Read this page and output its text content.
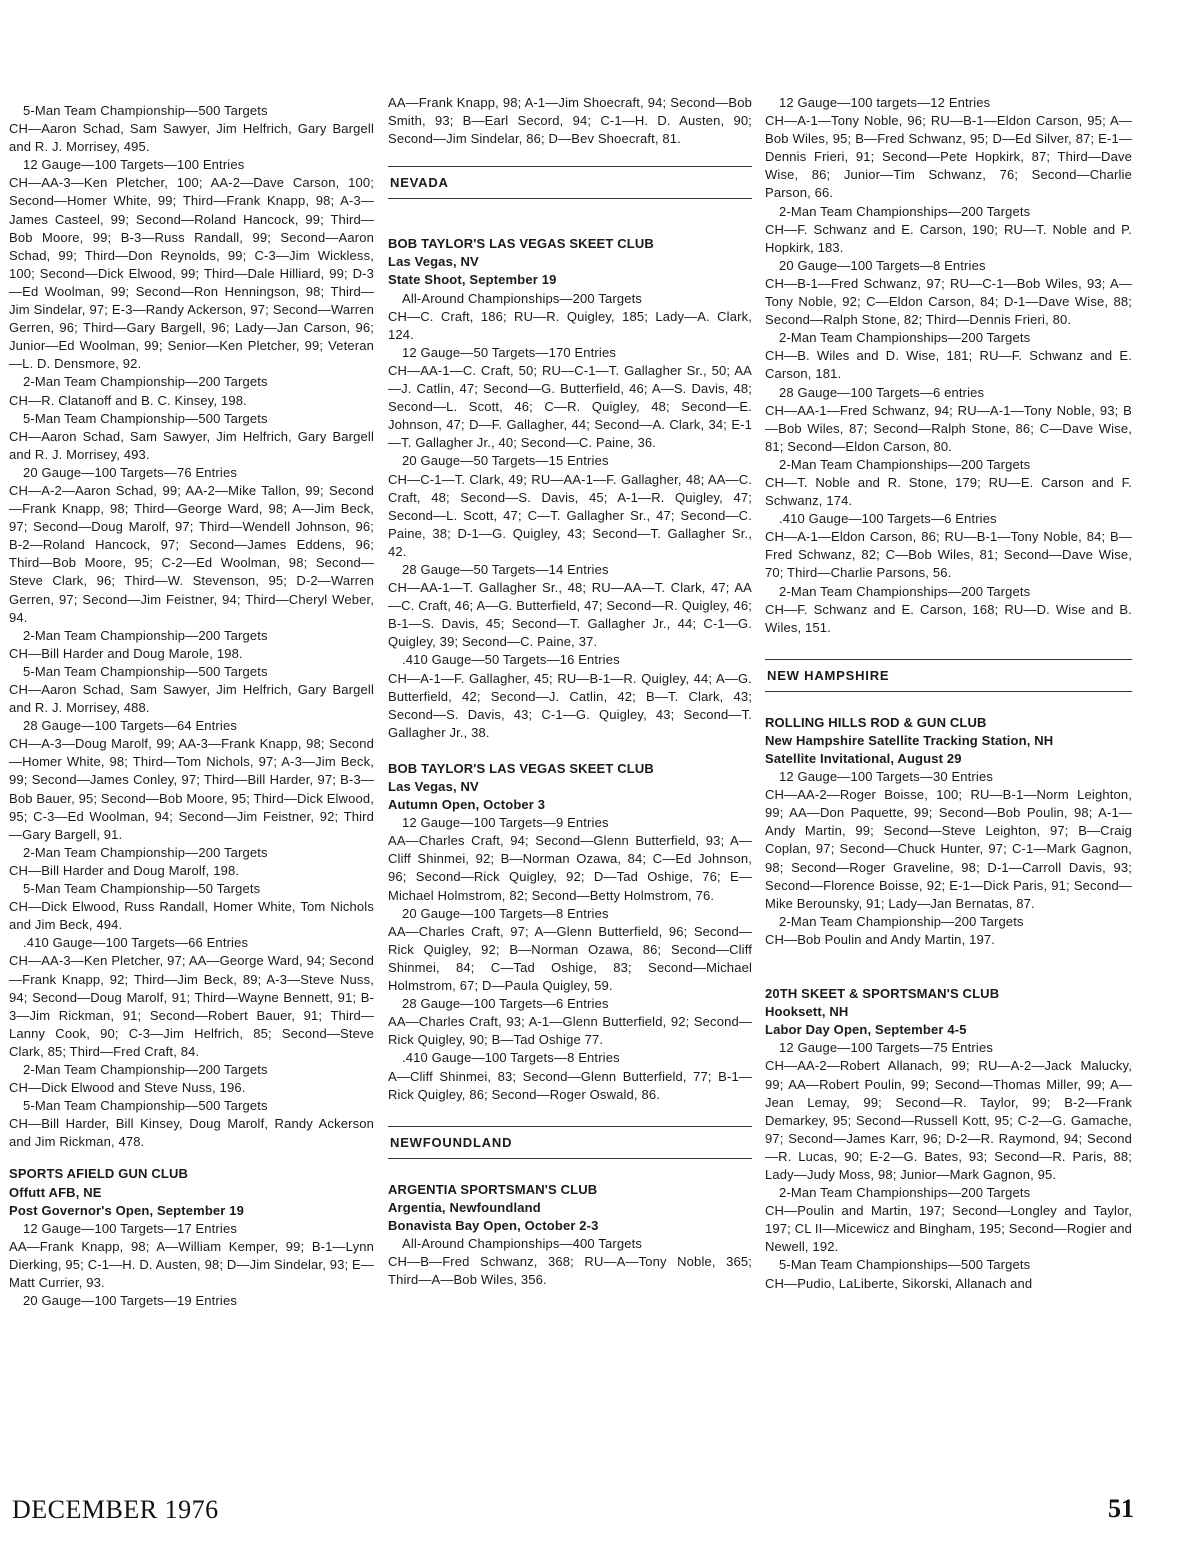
5-Man Team Championship—500 Targets

CH—Aaron Schad, Sam Sawyer, Jim Helfrich, Gary Bargell and R. J. Morrisey, 495.

12 Gauge—100 Targets—100 Entries

CH—AA-3—Ken Pletcher, 100; AA-2—Dave Carson, 100; Second—Homer White, 99; Third—Frank Knapp, 98; A-3—James Casteel, 99; Second—Roland Hancock, 99; Third—Bob Moore, 99; B-3—Russ Randall, 99; Second—Aaron Schad, 99; Third—Don Reynolds, 99; C-3—Jim Wickless, 100; Second—Dick Elwood, 99; Third—Dale Hilliard, 99; D-3—Ed Woolman, 99; Second—Ron Henningson, 98; Third—Jim Sindelar, 97; E-3—Randy Ackerson, 97; Second—Warren Gerren, 96; Third—Gary Bargell, 96; Lady—Jan Carson, 96; Junior—Ed Woolman, 99; Senior—Ken Pletcher, 99; Veteran—L. D. Densmore, 92.

2-Man Team Championship—200 Targets

CH—R. Clatanoff and B. C. Kinsey, 198.

5-Man Team Championship—500 Targets

CH—Aaron Schad, Sam Sawyer, Jim Helfrich, Gary Bargell and R. J. Morrisey, 493.

20 Gauge—100 Targets—76 Entries

CH—A-2—Aaron Schad, 99; AA-2—Mike Tallon, 99; Second—Frank Knapp, 98; Third—George Ward, 98; A—Jim Beck, 97; Second—Doug Marolf, 97; Third—Wendell Johnson, 96; B-2—Roland Hancock, 97; Second—James Eddens, 96; Third—Bob Moore, 95; C-2—Ed Woolman, 98; Second—Steve Clark, 96; Third—W. Stevenson, 95; D-2—Warren Gerren, 97; Second—Jim Feistner, 94; Third—Cheryl Weber, 94.

2-Man Team Championship—200 Targets

CH—Bill Harder and Doug Marole, 198.

5-Man Team Championship—500 Targets

CH—Aaron Schad, Sam Sawyer, Jim Helfrich, Gary Bargell and R. J. Morrisey, 488.

28 Gauge—100 Targets—64 Entries

CH—A-3—Doug Marolf, 99; AA-3—Frank Knapp, 98; Second—Homer White, 98; Third—Tom Nichols, 97; A-3—Jim Beck, 99; Second—James Conley, 97; Third—Bill Harder, 97; B-3—Bob Bauer, 95; Second—Bob Moore, 95; Third—Dick Elwood, 95; C-3—Ed Woolman, 94; Second—Jim Feistner, 92; Third—Gary Bargell, 91.

2-Man Team Championship—200 Targets

CH—Bill Harder and Doug Marolf, 198.

5-Man Team Championship—50 Targets

CH—Dick Elwood, Russ Randall, Homer White, Tom Nichols and Jim Beck, 494.

.410 Gauge—100 Targets—66 Entries

CH—AA-3—Ken Pletcher, 97; AA—George Ward, 94; Second—Frank Knapp, 92; Third—Jim Beck, 89; A-3—Steve Nuss, 94; Second—Doug Marolf, 91; Third—Wayne Bennett, 91; B-3—Jim Rickman, 91; Second—Robert Bauer, 91; Third—Lanny Cook, 90; C-3—Jim Helfrich, 85; Second—Steve Clark, 85; Third—Fred Craft, 84.

2-Man Team Championship—200 Targets

CH—Dick Elwood and Steve Nuss, 196.

5-Man Team Championship—500 Targets

CH—Bill Harder, Bill Kinsey, Doug Marolf, Randy Ackerson and Jim Rickman, 478.

SPORTS AFIELD GUN CLUB
Offutt AFB, NE
Post Governor's Open, September 19

12 Gauge—100 Targets—17 Entries

AA—Frank Knapp, 98; A—William Kemper, 99; B-1—Lynn Dierking, 95; C-1—H. D. Austen, 98; D—Jim Sindelar, 93; E—Matt Currier, 93.

20 Gauge—100 Targets—19 Entries

AA—Frank Knapp, 98; A-1—Jim Shoecraft, 94; Second—Bob Smith, 93; B—Earl Secord, 94; C-1—H. D. Austen, 90; Second—Jim Sindelar, 86; D—Bev Shoecraft, 81.

NEVADA
BOB TAYLOR'S LAS VEGAS SKEET CLUB
Las Vegas, NV
State Shoot, September 19

All-Around Championships—200 Targets

CH—C. Craft, 186; RU—R. Quigley, 185; Lady—A. Clark, 124.

12 Gauge—50 Targets—170 Entries

CH—AA-1—C. Craft, 50; RU—C-1—T. Gallagher Sr., 50; AA—J. Catlin, 47; Second—G. Butterfield, 46; A—S. Davis, 48; Second—L. Scott, 46; C—R. Quigley, 48; Second—E. Johnson, 47; D—F. Gallagher, 44; Second—A. Clark, 34; E-1—T. Gallagher Jr., 40; Second—C. Paine, 36.

20 Gauge—50 Targets—15 Entries

CH—C-1—T. Clark, 49; RU—AA-1—F. Gallagher, 48; AA—C. Craft, 48; Second—S. Davis, 45; A-1—R. Quigley, 47; Second—L. Scott, 47; C—T. Gallagher Sr., 47; Second—C. Paine, 38; D-1—G. Quigley, 43; Second—T. Gallagher Sr., 42.

28 Gauge—50 Targets—14 Entries

CH—AA-1—T. Gallagher Sr., 48; RU—AA—T. Clark, 47; AA—C. Craft, 46; A—G. Butterfield, 47; Second—R. Quigley, 46; B-1—S. Davis, 45; Second—T. Gallagher Jr., 44; C-1—G. Quigley, 39; Second—C. Paine, 37.

.410 Gauge—50 Targets—16 Entries

CH—A-1—F. Gallagher, 45; RU—B-1—R. Quigley, 44; A—G. Butterfield, 42; Second—J. Catlin, 42; B—T. Clark, 43; Second—S. Davis, 43; C-1—G. Quigley, 43; Second—T. Gallagher Jr., 38.

BOB TAYLOR'S LAS VEGAS SKEET CLUB
Las Vegas, NV
Autumn Open, October 3

12 Gauge—100 Targets—9 Entries

AA—Charles Craft, 94; Second—Glenn Butterfield, 93; A—Cliff Shinmei, 92; B—Norman Ozawa, 84; C—Ed Johnson, 96; Second—Rick Quigley, 92; D—Tad Oshige, 76; E—Michael Holmstrom, 82; Second—Betty Holmstrom, 76.

20 Gauge—100 Targets—8 Entries

AA—Charles Craft, 97; A—Glenn Butterfield, 96; Second—Rick Quigley, 92; B—Norman Ozawa, 86; Second—Cliff Shinmei, 84; C—Tad Oshige, 83; Second—Michael Holmstrom, 67; D—Paula Quigley, 59.

28 Gauge—100 Targets—6 Entries

AA—Charles Craft, 93; A-1—Glenn Butterfield, 92; Second—Rick Quigley, 90; B—Tad Oshige 77.

.410 Gauge—100 Targets—8 Entries

A—Cliff Shinmei, 83; Second—Glenn Butterfield, 77; B-1—Rick Quigley, 86; Second—Roger Oswald, 86.

NEWFOUNDLAND
ARGENTIA SPORTSMAN'S CLUB
Argentia, Newfoundland
Bonavista Bay Open, October 2-3

All-Around Championships—400 Targets

CH—B—Fred Schwanz, 368; RU—A—Tony Noble, 365; Third—A—Bob Wiles, 356.

12 Gauge—100 targets—12 Entries

CH—A-1—Tony Noble, 96; RU—B-1—Eldon Carson, 95; A—Bob Wiles, 95; B—Fred Schwanz, 95; D—Ed Silver, 87; E-1—Dennis Frieri, 91; Second—Pete Hopkirk, 87; Third—Dave Wise, 86; Junior—Tim Schwanz, 76; Second—Charlie Parson, 66.

2-Man Team Championships—200 Targets

CH—F. Schwanz and E. Carson, 190; RU—T. Noble and P. Hopkirk, 183.

20 Gauge—100 Targets—8 Entries

CH—B-1—Fred Schwanz, 97; RU—C-1—Bob Wiles, 93; A—Tony Noble, 92; C—Eldon Carson, 84; D-1—Dave Wise, 88; Second—Ralph Stone, 82; Third—Dennis Frieri, 80.

2-Man Team Championships—200 Targets

CH—B. Wiles and D. Wise, 181; RU—F. Schwanz and E. Carson, 181.

28 Gauge—100 Targets—6 entries

CH—AA-1—Fred Schwanz, 94; RU—A-1—Tony Noble, 93; B—Bob Wiles, 87; Second—Ralph Stone, 86; C—Dave Wise, 81; Second—Eldon Carson, 80.

2-Man Team Championships—200 Targets

CH—T. Noble and R. Stone, 179; RU—E. Carson and F. Schwanz, 174.

.410 Gauge—100 Targets—6 Entries

CH—A-1—Eldon Carson, 86; RU—B-1—Tony Noble, 84; B—Fred Schwanz, 82; C—Bob Wiles, 81; Second—Dave Wise, 70; Third—Charlie Parsons, 56.

2-Man Team Championships—200 Targets

CH—F. Schwanz and E. Carson, 168; RU—D. Wise and B. Wiles, 151.

NEW HAMPSHIRE
ROLLING HILLS ROD & GUN CLUB
New Hampshire Satellite Tracking Station, NH
Satellite Invitational, August 29

12 Gauge—100 Targets—30 Entries

CH—AA-2—Roger Boisse, 100; RU—B-1—Norm Leighton, 99; AA—Don Paquette, 99; Second—Bob Poulin, 98; A-1—Andy Martin, 99; Second—Steve Leighton, 97; B—Craig Coplan, 97; Second—Chuck Hunter, 97; C-1—Mark Gagnon, 98; Second—Roger Graveline, 98; D-1—Carroll Davis, 93; Second—Florence Boisse, 92; E-1—Dick Paris, 91; Second—Mike Berounsky, 91; Lady—Jan Bernatas, 87.

2-Man Team Championship—200 Targets

CH—Bob Poulin and Andy Martin, 197.

20TH SKEET & SPORTSMAN'S CLUB
Hooksett, NH
Labor Day Open, September 4-5

12 Gauge—100 Targets—75 Entries

CH—AA-2—Robert Allanach, 99; RU—A-2—Jack Malucky, 99; AA—Robert Poulin, 99; Second—Thomas Miller, 99; A—Jean Lemay, 99; Second—R. Taylor, 99; B-2—Frank Demarkey, 95; Second—Russell Kott, 95; C-2—G. Gamache, 97; Second—James Karr, 96; D-2—R. Raymond, 94; Second—R. Lucas, 90; E-2—G. Bates, 93; Second—R. Paris, 88; Lady—Judy Moss, 98; Junior—Mark Gagnon, 95.

2-Man Team Championships—200 Targets

CH—Poulin and Martin, 197; Second—Longley and Taylor, 197; CL II—Micewicz and Bingham, 195; Second—Rogier and Newell, 192.

5-Man Team Championships—500 Targets

CH—Pudio, LaLiberte, Sikorski, Allanach and

DECEMBER 1976	51
